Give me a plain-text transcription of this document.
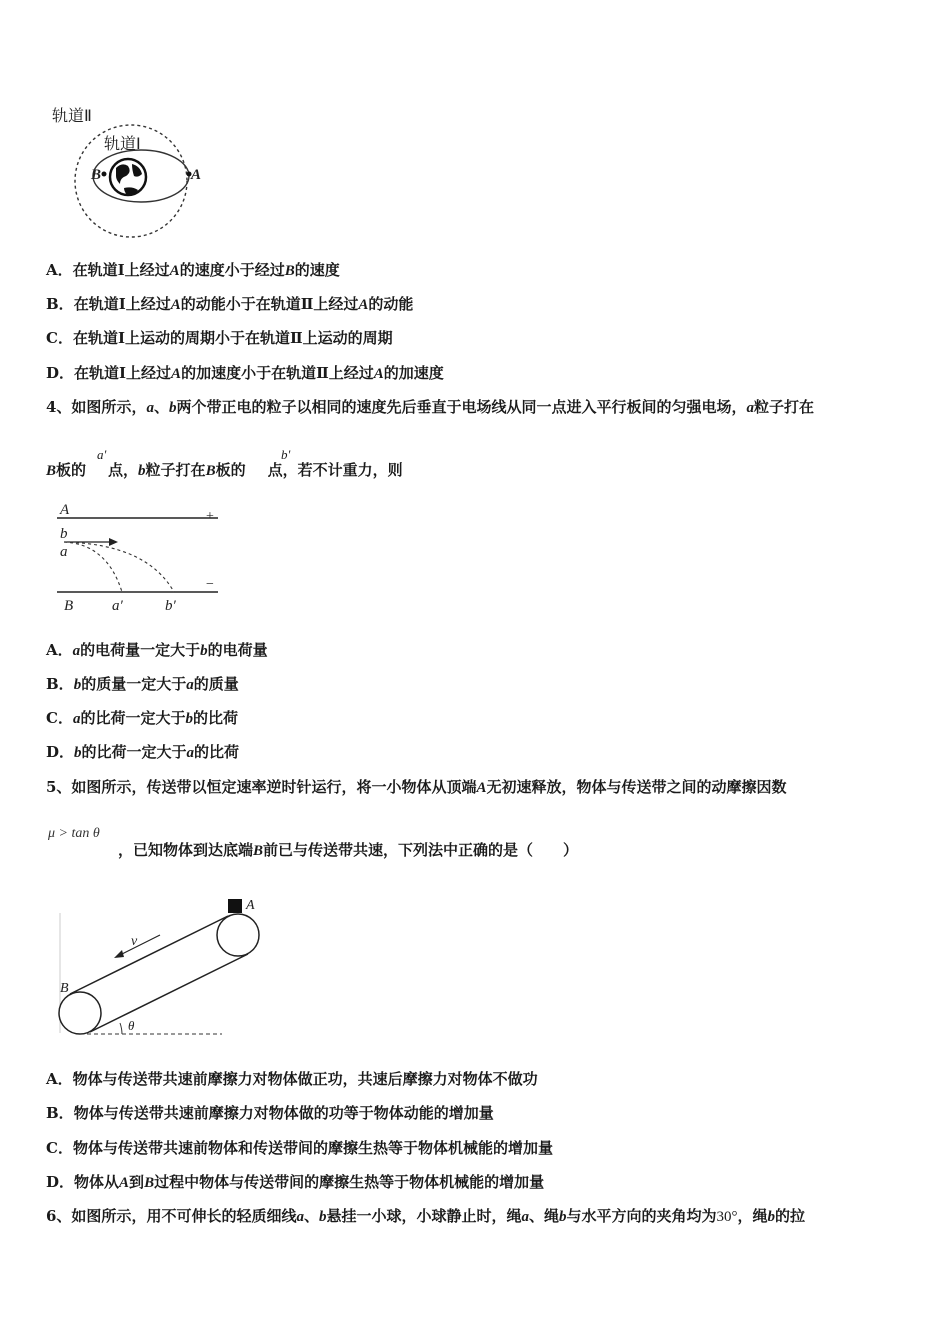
轨道Ⅱ
轨道Ⅰ
B	A
A．在轨道Ⅰ上经过A的速度小于经过B的速度
B．在轨道Ⅰ上经过A的动能小于在轨道Ⅱ上经过A的动能
C．在轨道Ⅰ上运动的周期小于在轨道Ⅱ上运动的周期
D．在轨道Ⅰ上经过A的加速度小于在轨道Ⅱ上经过A的加速度
4、如图所示，a、b两个带正电的粒子以相同的速度先后垂直于电场线从同一点进入平行板间的匀强电场，a粒子打在
B板的 点，b粒子打在B板的 点，若不计重力，则
a'	b'
A	+
b
a
−
B	a′	b′
A．a的电荷量一定大于b的电荷量
B．b的质量一定大于a的质量
C．a的比荷一定大于b的比荷
D．b的比荷一定大于a的比荷
5、如图所示，传送带以恒定速率逆时针运行，将一小物体从顶端A无初速释放，物体与传送带之间的动摩擦因数
μ > tan θ
，已知物体到达底端B前已与传送带共速，下列法中正确的是（　　）
A
v
B
θ
A．物体与传送带共速前摩擦力对物体做正功，共速后摩擦力对物体不做功
B．物体与传送带共速前摩擦力对物体做的功等于物体动能的增加量
C．物体与传送带共速前物体和传送带间的摩擦生热等于物体机械能的增加量
D．物体从A到B过程中物体与传送带间的摩擦生热等于物体机械能的增加量
6、如图所示，用不可伸长的轻质细线a、b悬挂一小球，小球静止时，绳a、绳b与水平方向的夹角均为30°，绳b的拉
